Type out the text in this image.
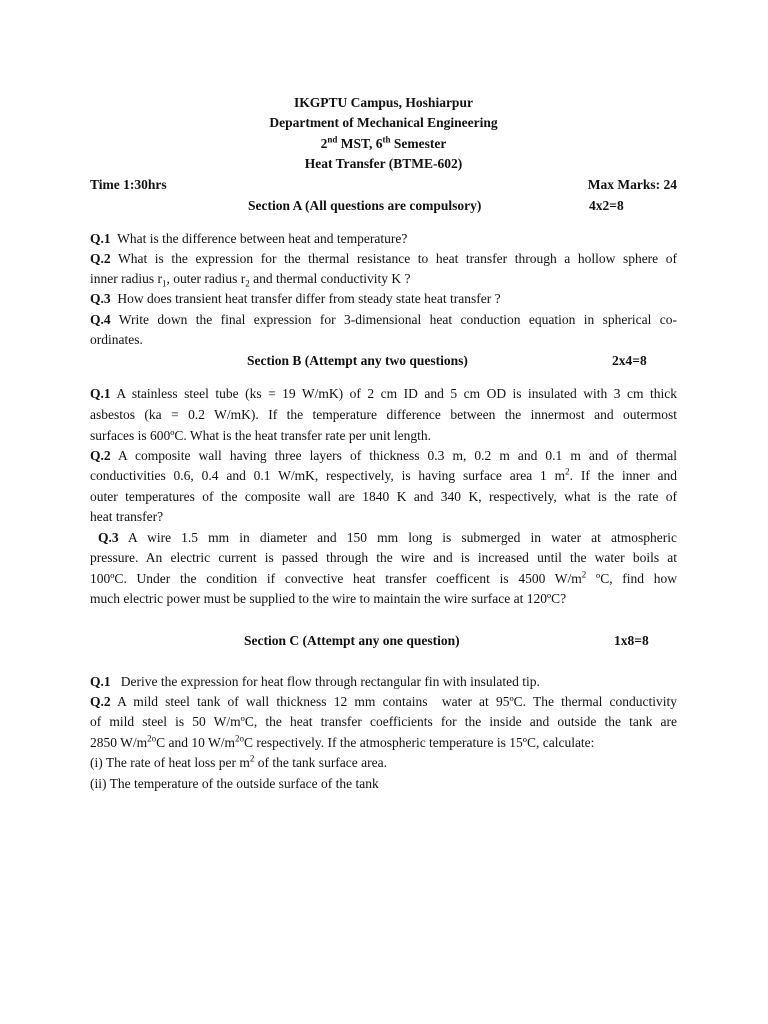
IKGPTU Campus, Hoshiarpur
Department of Mechanical Engineering
2nd MST, 6th Semester
Heat Transfer (BTME-602)
Time 1:30hrs	Max Marks: 24
Section A (All questions are compulsory)	4x2=8
Q.1  What is the difference between heat and temperature?
Q.2 What is the expression for the thermal resistance to heat transfer through a hollow sphere of
inner radius $r_1$, outer radius $r_2$ and thermal conductivity K ?
Q.3  How does transient heat transfer differ from steady state heat transfer ?
Q.4 Write down the final expression for 3-dimensional heat conduction equation in spherical co-
ordinates.
Section B (Attempt any two questions)	2x4=8
Q.1 A stainless steel tube (ks = 19 W/mK) of 2 cm ID and 5 cm OD is insulated with 3 cm thick
asbestos (ka = 0.2 W/mK). If the temperature difference between the innermost and outermost
surfaces is 600ºC. What is the heat transfer rate per unit length.
Q.2 A composite wall having three layers of thickness 0.3 m, 0.2 m and 0.1 m and of thermal
conductivities 0.6, 0.4 and 0.1 W/mK, respectively, is having surface area 1 $m^2$. If the inner and
outer temperatures of the composite wall are 1840 K and 340 K, respectively, what is the rate of
heat transfer?
Q.3 A wire 1.5 mm in diameter and 150 mm long is submerged in water at atmospheric
pressure. An electric current is passed through the wire and is increased until the water boils at
100ºC. Under the condition if convective heat transfer coefficent is 4500 $W/m^2$ ºC, find how
much electric power must be supplied to the wire to maintain the wire surface at 120ºC?
Section C (Attempt any one question)	1x8=8
Q.1   Derive the expression for heat flow through rectangular fin with insulated tip.
Q.2 A mild steel tank of wall thickness 12 mm contains  water at 95ºC. The thermal conductivity
of mild steel is 50 W/mºC, the heat transfer coefficients for the inside and outside the tank are
2850 $W/m^{2o}C$ and 10 $W/m^{2o}C$ respectively. If the atmospheric temperature is 15ºC, calculate:
(i) The rate of heat loss per $m^2$ of the tank surface area.
(ii) The temperature of the outside surface of the tank
